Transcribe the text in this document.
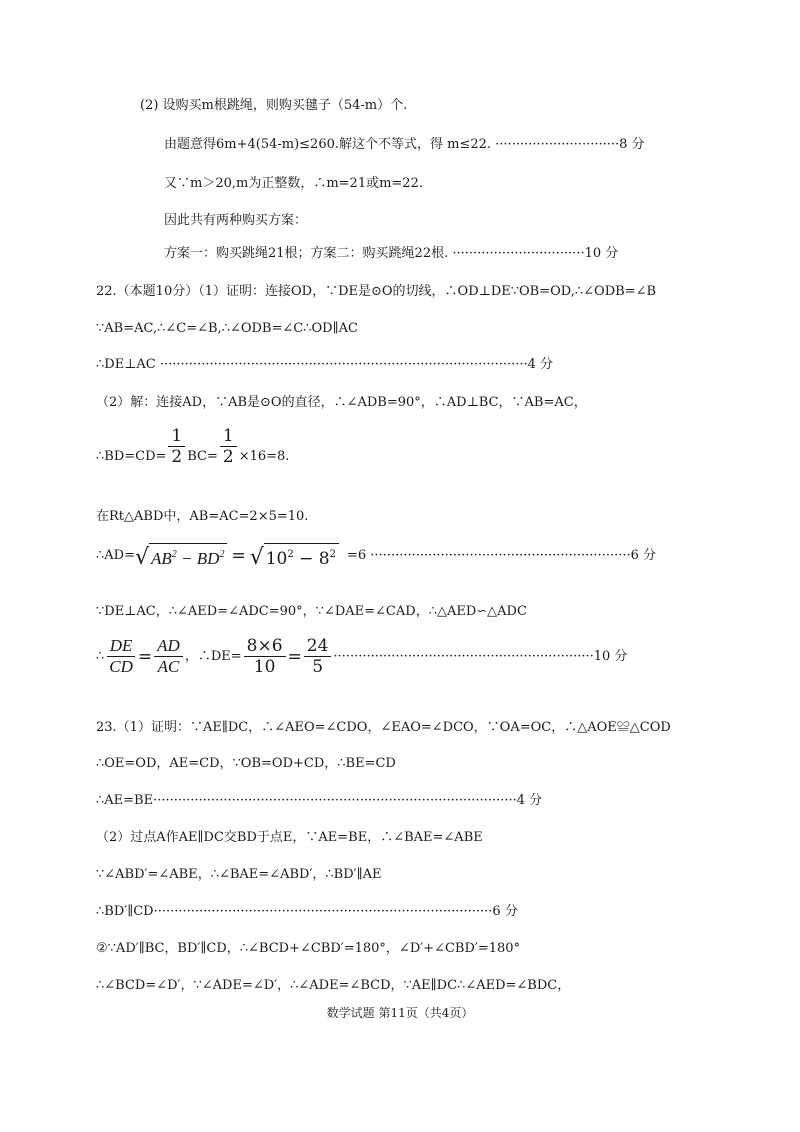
(2) 设购买m根跳绳，则购买毽子（54-m）个.
由题意得6m+4(54-m)≤260.解这个不等式，得 m≤22. ······························8 分
又∵m＞20,m为正整数，∴m=21或m=22.
因此共有两种购买方案：
方案一：购买跳绳21根；方案二：购买跳绳22根. ································10 分
22.（本题10分）（1）证明：连接OD，∵DE是⊙O的切线，∴OD⊥DE∵OB=OD,∴∠ODB=∠B
∵AB=AC,∴∠C=∠B,∴∠ODB=∠C∴OD∥AC
∴DE⊥AC ·························································································4 分
（2）解：连接AD，∵AB是⊙O的直径，∴∠ADB=90°，∴AD⊥BC，∵AB=AC，
∴BD=CD= $\frac{1}{2} BC= \frac{1}{2} \times 16=8$.
在Rt△ABD中，AB=AC=2×5=10.
∴AD= √ $AB^2 - BD^2$ = √ $10^2 - 8^2 =6 \cdot\cdot\cdot\cdot\cdot\cdot\cdot\cdot\cdot\cdot\cdot\cdot\cdot\cdot\cdot\cdot\cdot\cdot\cdot\cdot\cdot\cdot\cdot\cdot\cdot\cdot\cdot\cdot\cdot\cdot\cdot\cdot\cdot\cdot\cdot\cdot\cdot\cdot\cdot\cdot\cdot\cdot\cdot\cdot\cdot\cdot\cdot\cdot\cdot\cdot\cdot\cdot\cdot\cdot\cdot\cdot\cdot\cdot\cdot\cdot\cdot\cdot\cdot 6$ 分
∵DE⊥AC，∴∠AED=∠ADC=90°，∵∠DAE=∠CAD，∴△AED∽△ADC
∴ $\frac{DE}{CD} = \frac{AD}{AC}$ ，∴DE= $\frac{8\times 6}{10} = \frac{24}{5} \cdot\cdot\cdot\cdot\cdot\cdot\cdot\cdot\cdot\cdot\cdot\cdot\cdot\cdot\cdot\cdot\cdot\cdot\cdot\cdot\cdot\cdot\cdot\cdot\cdot\cdot\cdot\cdot\cdot\cdot\cdot\cdot\cdot\cdot\cdot\cdot\cdot\cdot\cdot\cdot\cdot\cdot\cdot\cdot\cdot\cdot\cdot\cdot\cdot\cdot\cdot\cdot\cdot\cdot\cdot\cdot\cdot\cdot\cdot\cdot\cdot\cdot\cdot 10$ 分
23.（1）证明：∵AE∥DC，∴∠AEO=∠CDO，∠EAO=∠DCO，∵OA=OC，∴△AOE≌△COD
∴OE=OD，AE=CD，∵OB=OD+CD，∴BE=CD
∴AE=BE························································································4 分
（2）过点A作AE∥DC交BD于点E，∵AE=BE，∴∠BAE=∠ABE
∵∠ABD′=∠ABE，∴∠BAE=∠ABD′，∴BD′∥AE
∴BD′∥CD··················································································6 分
②∵AD′∥BC，BD′∥CD，∴∠BCD+∠CBD′=180°，∠D′+∠CBD′=180°
∴∠BCD=∠D′，∵∠ADE=∠D′，∴∠ADE=∠BCD，∵AE∥DC∴∠AED=∠BDC，
数学试题 第11页（共4页）
